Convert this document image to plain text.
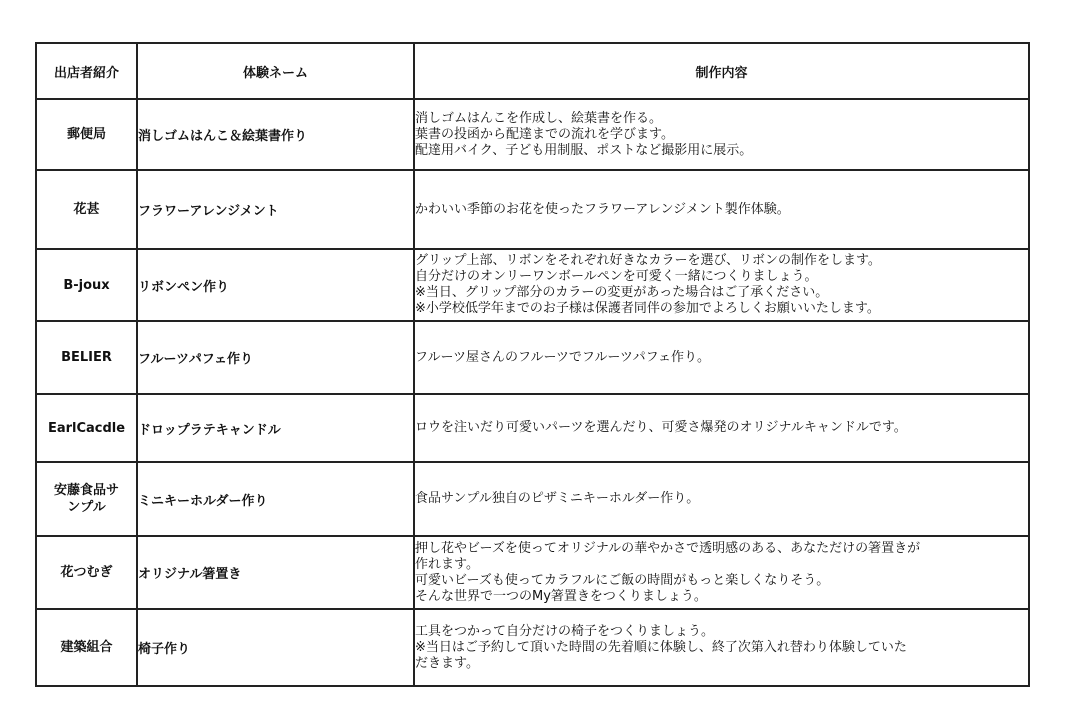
出店者紹介	体験ネーム	制作内容
郵便局	消しゴムはんこ＆絵葉書作り	消しゴムはんこを作成し、絵葉書を作る。
葉書の投函から配達までの流れを学びます。
配達用バイク、子ども用制服、ポストなど撮影用に展示。

花甚	フラワーアレンジメント	かわいい季節のお花を使ったフラワーアレンジメント製作体験。

B-joux	リボンペン作り	グリップ上部、リボンをそれぞれ好きなカラーを選び、リボンの制作をします。
自分だけのオンリーワンボールペンを可愛く一緒につくりましょう。
※当日、グリップ部分のカラーの変更があった場合はご了承ください。
※小学校低学年までのお子様は保護者同伴の参加でよろしくお願いいたします。

BELIER	フルーツパフェ作り	フルーツ屋さんのフルーツでフルーツパフェ作り。

EarlCacdle	ドロップラテキャンドル	ロウを注いだり可愛いパーツを選んだり、可愛さ爆発のオリジナルキャンドルです。

安藤食品サ
ンプル	ミニキーホルダー作り	食品サンプル独自のピザミニキーホルダー作り。

花つむぎ	オリジナル箸置き	押し花やビーズを使ってオリジナルの華やかさで透明感のある、あなただけの箸置きが
作れます。
可愛いビーズも使ってカラフルにご飯の時間がもっと楽しくなりそう。
そんな世界で一つのMy箸置きをつくりましょう。

建築組合	椅子作り	工具をつかって自分だけの椅子をつくりましょう。
※当日はご予約して頂いた時間の先着順に体験し、終了次第入れ替わり体験していた
だきます。
